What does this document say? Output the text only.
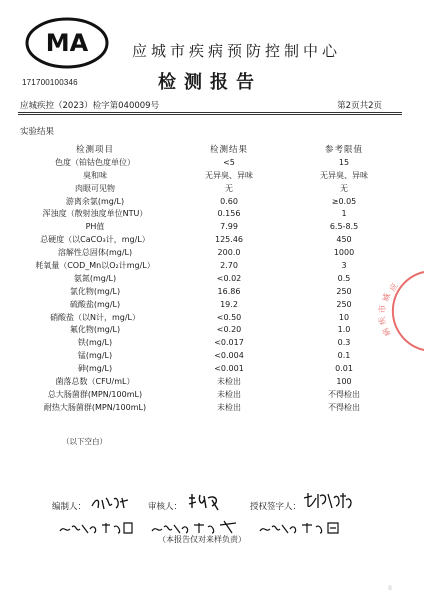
MA
171700100346
应城市疾病预防控制中心
检测报告
应城疾控（2023）检字第040009号	第2页共2页
实验结果
检测项目	检测结果	参考限值
色度（铂钴色度单位）	<5	15
臭和味	无异臭、异味	无异臭、异味
肉眼可见物	无	无
游离余氯(mg/L)	0.60	≥0.05
浑浊度（散射浊度单位NTU）	0.156	1
PH值	7.99	6.5-8.5
总硬度（以CaCO₃计，mg/L）	125.46	450
溶解性总固体(mg/L)	200.0	1000
耗氧量（COD_Mn以O₂计mg/L）	2.70	3
氨氮(mg/L)	<0.02	0.5
氯化物(mg/L)	16.86	250
硫酸盐(mg/L)	19.2	250
硝酸盐（以N计，mg/L）	<0.50	10
氟化物(mg/L)	<0.20	1.0
铁(mg/L)	<0.017	0.3
锰(mg/L)	<0.004	0.1
砷(mg/L)	<0.001	0.01
菌落总数（CFU/mL）	未检出	100
总大肠菌群(MPN/100mL)	未检出	不得检出
耐热大肠菌群(MPN/100mL)	未检出	不得检出
（以下空白）
编制人：	审核人：	授权签字人：
（本报告仅对来样负责）
应
城
市
疾
病
8
